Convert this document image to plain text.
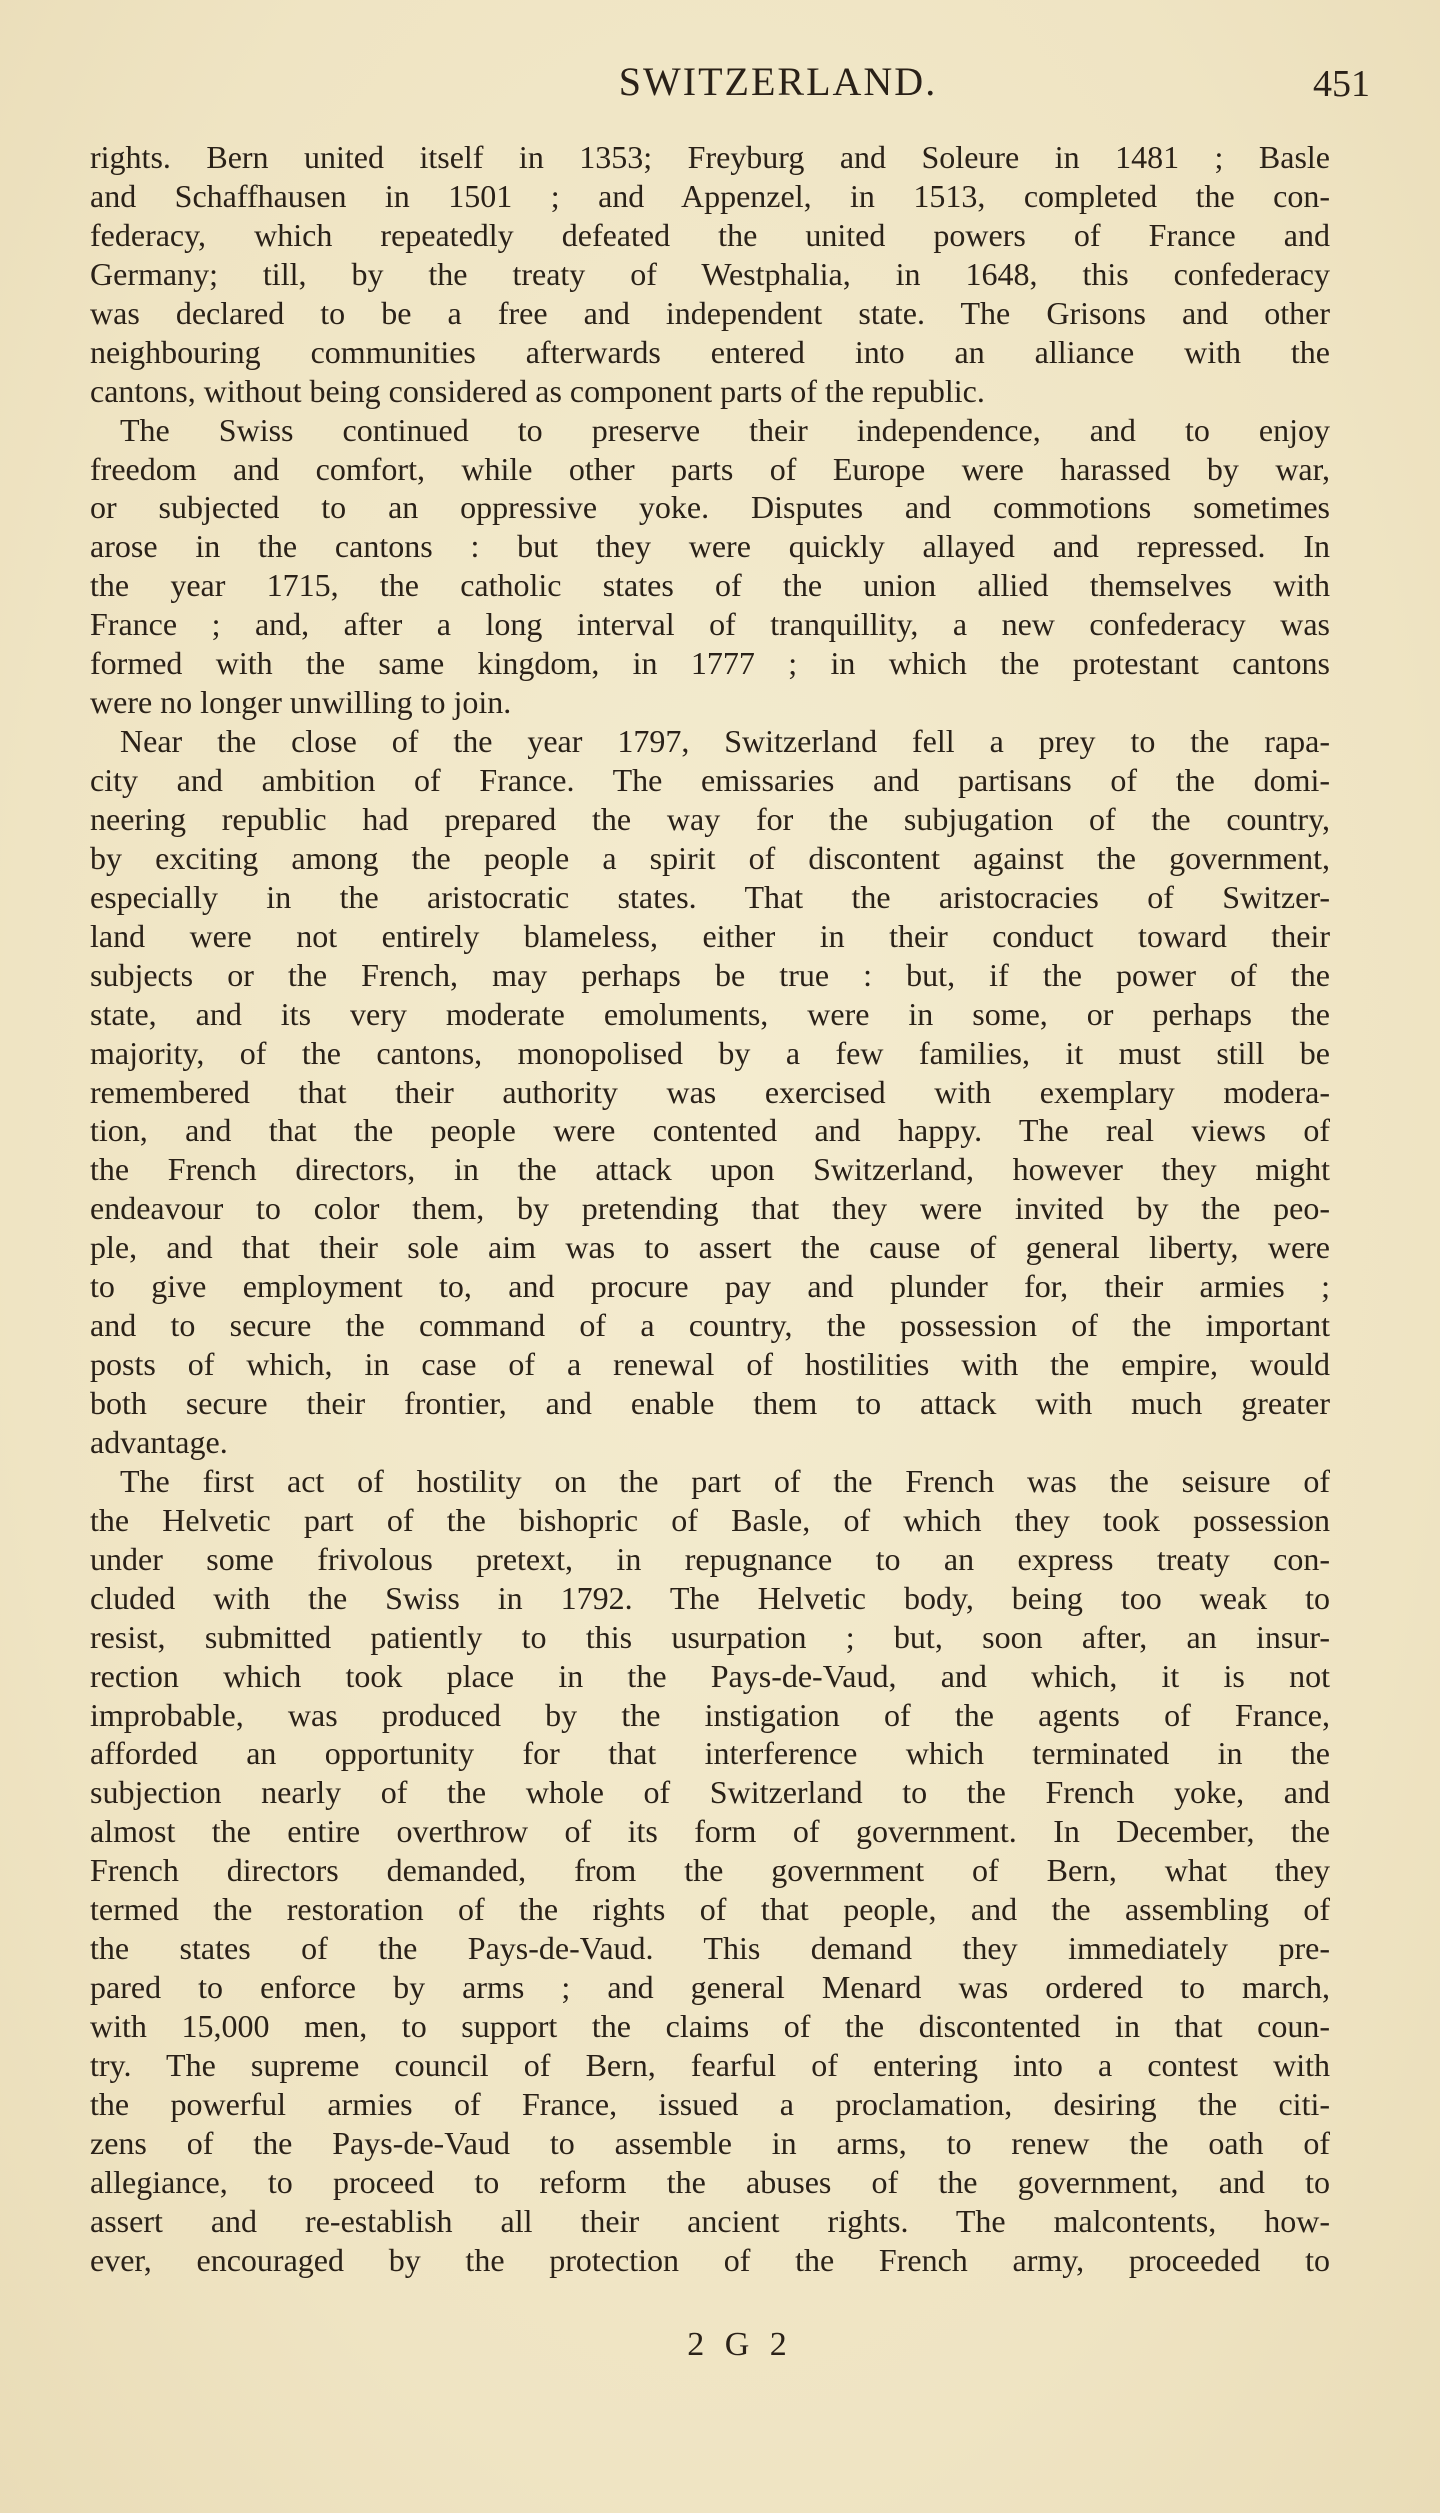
SWITZERLAND.	451
rights. Bern united itself in 1353; Freyburg and Soleure in 1481 ; Basle
and Schaffhausen in 1501 ; and Appenzel, in 1513, completed the con-
federacy, which repeatedly defeated the united powers of France and
Germany; till, by the treaty of Westphalia, in 1648, this confederacy
was declared to be a free and independent state. The Grisons and other
neighbouring communities afterwards entered into an alliance with the
cantons, without being considered as component parts of the republic.
The Swiss continued to preserve their independence, and to enjoy
freedom and comfort, while other parts of Europe were harassed by war,
or subjected to an oppressive yoke. Disputes and commotions sometimes
arose in the cantons : but they were quickly allayed and repressed. In
the year 1715, the catholic states of the union allied themselves with
France ; and, after a long interval of tranquillity, a new confederacy was
formed with the same kingdom, in 1777 ; in which the protestant cantons
were no longer unwilling to join.
Near the close of the year 1797, Switzerland fell a prey to the rapa-
city and ambition of France. The emissaries and partisans of the domi-
neering republic had prepared the way for the subjugation of the country,
by exciting among the people a spirit of discontent against the government,
especially in the aristocratic states. That the aristocracies of Switzer-
land were not entirely blameless, either in their conduct toward their
subjects or the French, may perhaps be true : but, if the power of the
state, and its very moderate emoluments, were in some, or perhaps the
majority, of the cantons, monopolised by a few families, it must still be
remembered that their authority was exercised with exemplary modera-
tion, and that the people were contented and happy. The real views of
the French directors, in the attack upon Switzerland, however they might
endeavour to color them, by pretending that they were invited by the peo-
ple, and that their sole aim was to assert the cause of general liberty, were
to give employment to, and procure pay and plunder for, their armies ;
and to secure the command of a country, the possession of the important
posts of which, in case of a renewal of hostilities with the empire, would
both secure their frontier, and enable them to attack with much greater
advantage.
The first act of hostility on the part of the French was the seisure of
the Helvetic part of the bishopric of Basle, of which they took possession
under some frivolous pretext, in repugnance to an express treaty con-
cluded with the Swiss in 1792. The Helvetic body, being too weak to
resist, submitted patiently to this usurpation ; but, soon after, an insur-
rection which took place in the Pays-de-Vaud, and which, it is not
improbable, was produced by the instigation of the agents of France,
afforded an opportunity for that interference which terminated in the
subjection nearly of the whole of Switzerland to the French yoke, and
almost the entire overthrow of its form of government. In December, the
French directors demanded, from the government of Bern, what they
termed the restoration of the rights of that people, and the assembling of
the states of the Pays-de-Vaud. This demand they immediately pre-
pared to enforce by arms ; and general Menard was ordered to march,
with 15,000 men, to support the claims of the discontented in that coun-
try. The supreme council of Bern, fearful of entering into a contest with
the powerful armies of France, issued a proclamation, desiring the citi-
zens of the Pays-de-Vaud to assemble in arms, to renew the oath of
allegiance, to proceed to reform the abuses of the government, and to
assert and re-establish all their ancient rights. The malcontents, how-
ever, encouraged by the protection of the French army, proceeded to
2 G 2
